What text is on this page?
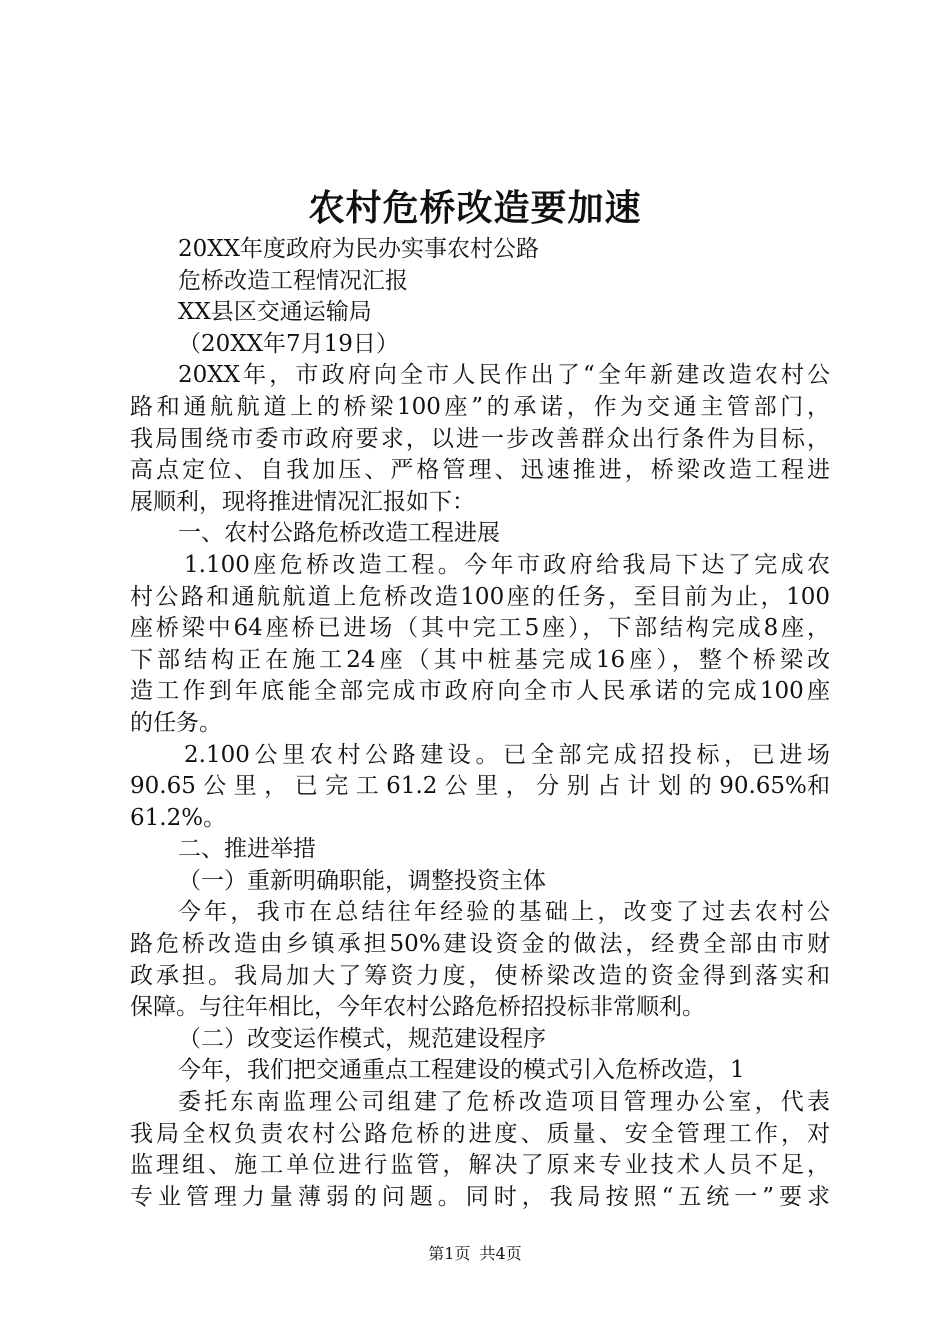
农村危桥改造要加速
20XX年度政府为民办实事农村公路
危桥改造工程情况汇报
XX县区交通运输局
（20XX年7月19日）
20XX年，市政府向全市人民作出了“全年新建改造农村公
路和通航航道上的桥梁100座”的承诺，作为交通主管部门，
我局围绕市委市政府要求，以进一步改善群众出行条件为目标，
高点定位、自我加压、严格管理、迅速推进，桥梁改造工程进
展顺利，现将推进情况汇报如下：
一、农村公路危桥改造工程进展
1.100座危桥改造工程。今年市政府给我局下达了完成农
村公路和通航航道上危桥改造100座的任务，至目前为止，100
座桥梁中64座桥已进场（其中完工5座），下部结构完成8座，
下部结构正在施工24座（其中桩基完成16座），整个桥梁改
造工作到年底能全部完成市政府向全市人民承诺的完成100座
的任务。
2.100公里农村公路建设。已全部完成招投标，已进场
90.65 公 里 ， 已 完 工 61.2 公 里 ， 分 别 占 计 划 的 90.65%和
61.2%。
二、推进举措
（一）重新明确职能，调整投资主体
今年，我市在总结往年经验的基础上，改变了过去农村公
路危桥改造由乡镇承担50%建设资金的做法，经费全部由市财
政承担。我局加大了筹资力度，使桥梁改造的资金得到落实和
保障。与往年相比，今年农村公路危桥招投标非常顺利。
（二）改变运作模式，规范建设程序
今年，我们把交通重点工程建设的模式引入危桥改造，1
委托东南监理公司组建了危桥改造项目管理办公室，代表
我局全权负责农村公路危桥的进度、质量、安全管理工作，对
监理组、施工单位进行监管，解决了原来专业技术人员不足，
专业管理力量薄弱的问题。同时，我局按照“五统一”要求
第1页 共4页
